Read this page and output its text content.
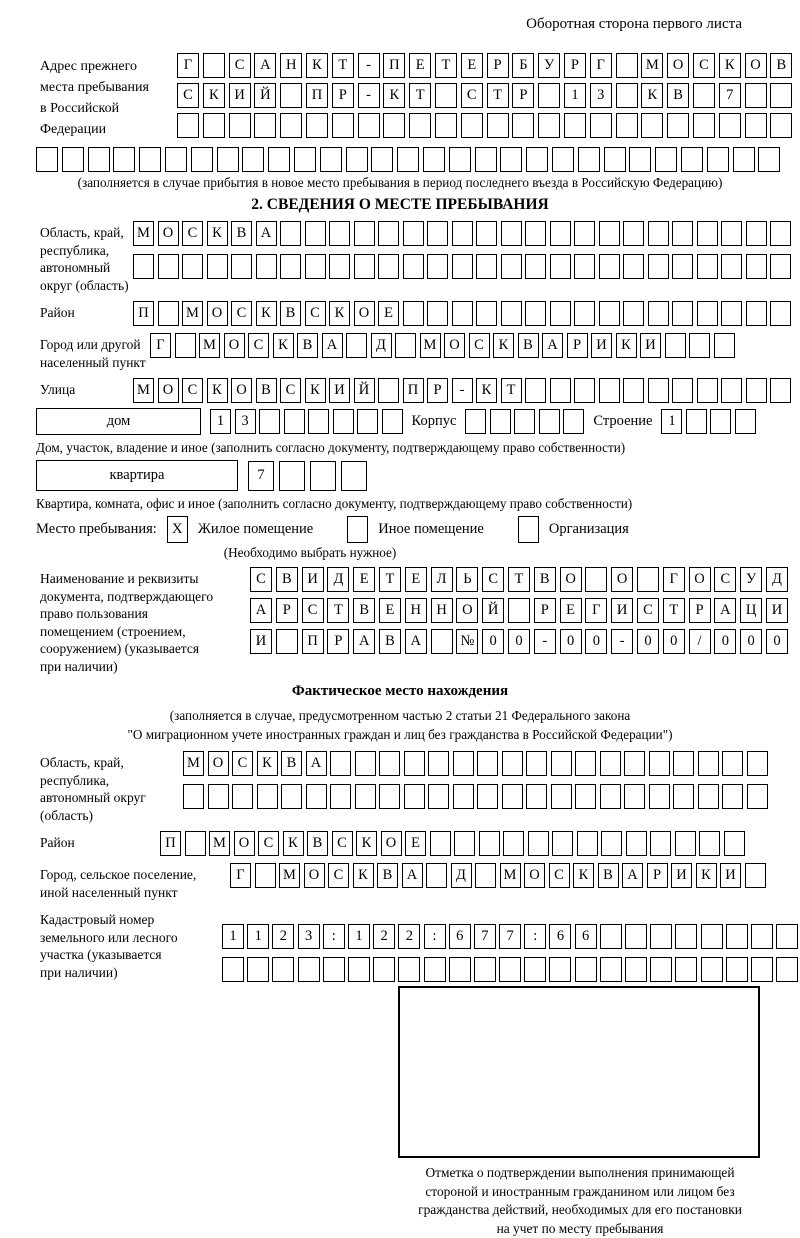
Оборотная сторона первого листа
Адрес прежнего
места пребывания
в Российской
Федерации
Г	С	А	Н	К	Т	-	П	Е	Т	Е	Р	Б	У	Р	Г	М О	С	К	О	В
С	К	И	Й	П	Р	-	К	Т	С	Т	Р	1	3	К	В	7
(заполняется в случае прибытия в новое место пребывания в период последнего въезда в Российскую Федерацию)
2. СВЕДЕНИЯ О МЕСТЕ ПРЕБЫВАНИЯ
Область, край,
республика,
автономный
округ (область)
М О С	К	В А
Район	П	М О С	К	В	С	К О	Е
Город или другой
населенный пункт
Г	М О С	К	В А	Д	М О С	К	В А	Р	И К И
Улица	М О С	К О В	С	К И Й	П	Р	-	К	Т
дом	1	3	Корпус	Строение	1
Дом, участок, владение и иное (заполнить согласно документу, подтверждающему право собственности)
квартира	7
Квартира, комната, офис и иное (заполнить согласно документу, подтверждающему право собственности)
Место пребывания:	X	Жилое помещение	Иное помещение	Организация
(Необходимо выбрать нужное)
Наименование и реквизиты
документа, подтверждающего
право пользования
помещением (строением,
сооружением) (указывается
при наличии)
С	В	И	Д	Е	Т	Е	Л	Ь	С	Т	В	О	О	Г	О	С	У	Д
А	Р	С	Т	В	Е	Н	Н	О	Й	Р	Е	Г	И	С	Т	Р	А	Ц	И
И	П	Р	А	В	А	№	0	0	-	0	0	-	0	0	/	0	0	0
Фактическое место нахождения
(заполняется в случае, предусмотренном частью 2 статьи 21 Федерального закона
"О миграционном учете иностранных граждан и лиц без гражданства в Российской Федерации")
Область, край,
республика,
автономный округ
(область)
М О С	К	В А
Район	П	М О С	К	В	С	К О	Е
Город, сельское поселение,
иной населенный пункт
Г	М О С	К	В А	Д	М О С	К	В А	Р	И К И
Кадастровый номер
земельного или лесного
участка (указывается
при наличии)
1	1	2	3	:	1	2	2	:	6	7	7	:	6	6
Отметка о подтверждении выполнения принимающей
стороной и иностранным гражданином или лицом без
гражданства действий, необходимых для его постановки
на учет по месту пребывания
